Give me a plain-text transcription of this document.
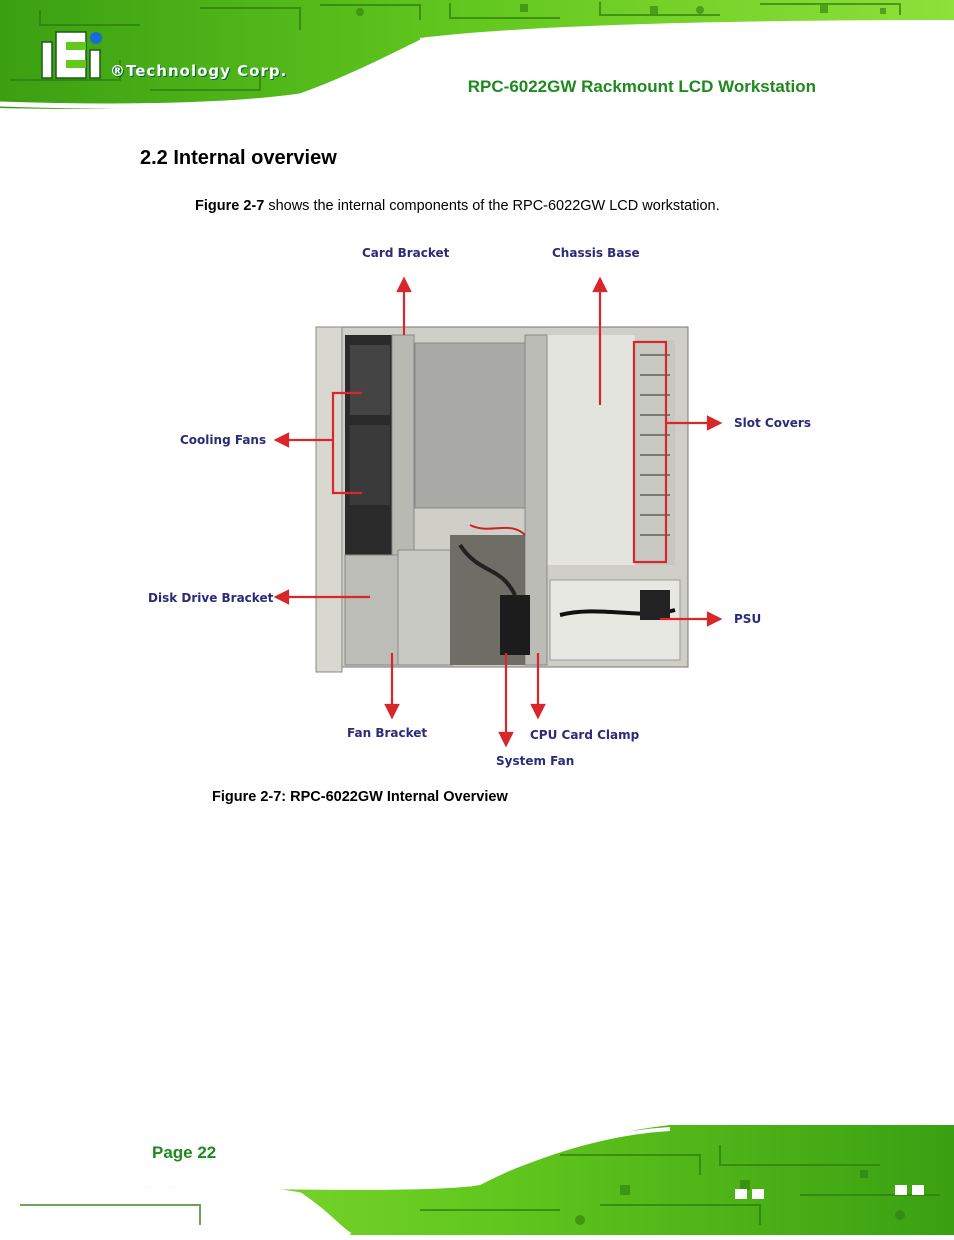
®Technology Corp.
RPC-6022GW Rackmount LCD Workstation
2.2 Internal overview
Figure 2-7 shows the internal components of the RPC-6022GW LCD workstation.
Card Bracket	Chassis Base
Cooling Fans
Slot Covers
Disk Drive Bracket
PSU
Fan Bracket	CPU Card Clamp
System Fan
Figure 2-7: RPC-6022GW Internal Overview
Page 22
